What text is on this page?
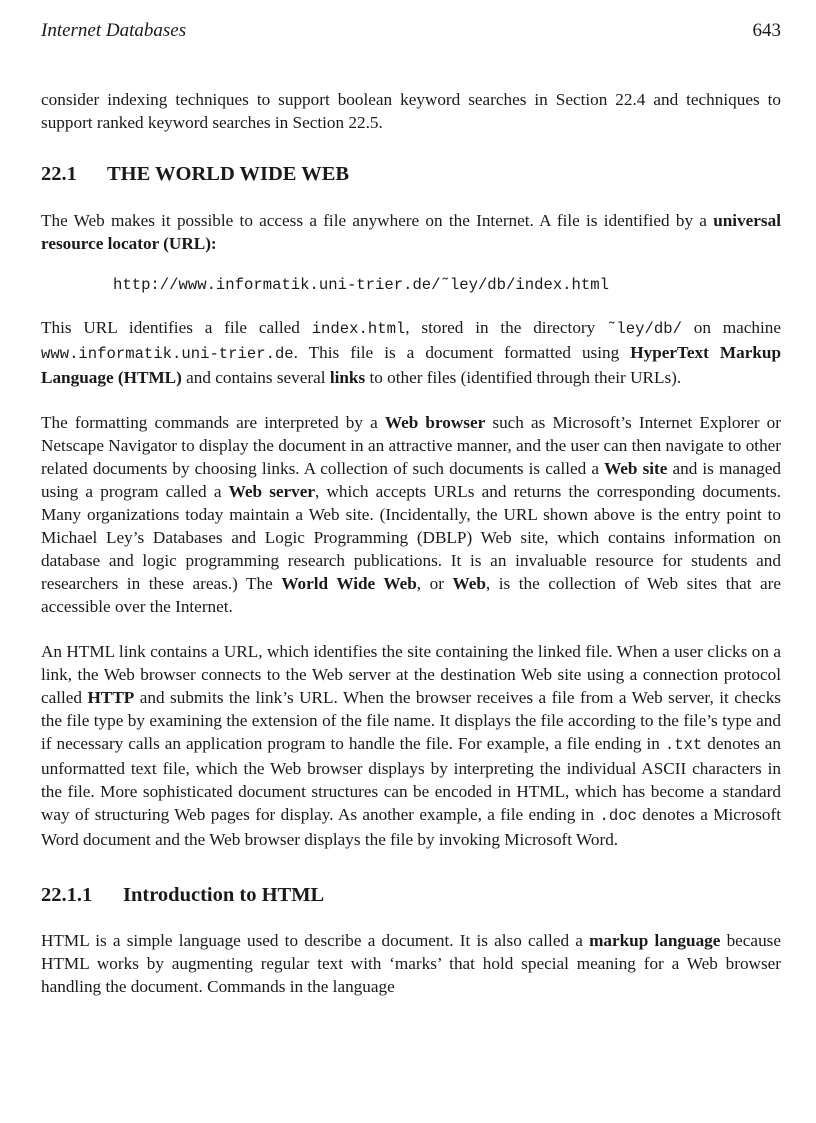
Internet Databases	643

consider indexing techniques to support boolean keyword searches in Section 22.4 and techniques to support ranked keyword searches in Section 22.5.

22.1 THE WORLD WIDE WEB

The Web makes it possible to access a file anywhere on the Internet. A file is identified by a universal resource locator (URL):

http://www.informatik.uni-trier.de/˜ley/db/index.html

This URL identifies a file called index.html, stored in the directory ˜ley/db/ on machine www.informatik.uni-trier.de. This file is a document formatted using HyperText Markup Language (HTML) and contains several links to other files (identified through their URLs).

The formatting commands are interpreted by a Web browser such as Microsoft’s Internet Explorer or Netscape Navigator to display the document in an attractive manner, and the user can then navigate to other related documents by choosing links. A collection of such documents is called a Web site and is managed using a program called a Web server, which accepts URLs and returns the corresponding documents. Many organizations today maintain a Web site. (Incidentally, the URL shown above is the entry point to Michael Ley’s Databases and Logic Programming (DBLP) Web site, which contains information on database and logic programming research publications. It is an invaluable resource for students and researchers in these areas.) The World Wide Web, or Web, is the collection of Web sites that are accessible over the Internet.

An HTML link contains a URL, which identifies the site containing the linked file. When a user clicks on a link, the Web browser connects to the Web server at the destination Web site using a connection protocol called HTTP and submits the link’s URL. When the browser receives a file from a Web server, it checks the file type by examining the extension of the file name. It displays the file according to the file’s type and if necessary calls an application program to handle the file. For example, a file ending in .txt denotes an unformatted text file, which the Web browser displays by interpreting the individual ASCII characters in the file. More sophisticated document structures can be encoded in HTML, which has become a standard way of structuring Web pages for display. As another example, a file ending in .doc denotes a Microsoft Word document and the Web browser displays the file by invoking Microsoft Word.

22.1.1 Introduction to HTML

HTML is a simple language used to describe a document. It is also called a markup language because HTML works by augmenting regular text with ‘marks’ that hold special meaning for a Web browser handling the document. Commands in the language
